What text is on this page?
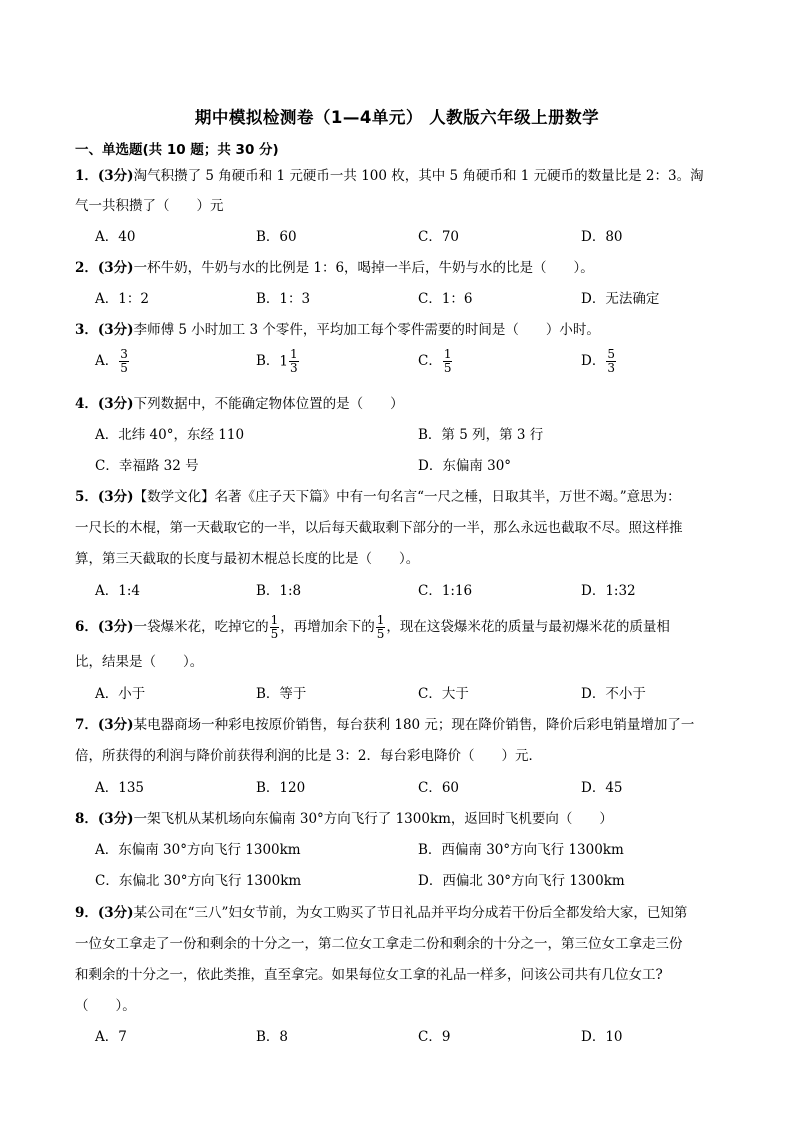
期中模拟检测卷（1—4单元） 人教版六年级上册数学
一、单选题(共 10 题；共 30 分)
1．(3分)淘气积攒了 5 角硬币和 1 元硬币一共 100 枚，其中 5 角硬币和 1 元硬币的数量比是 2：3。淘
气一共积攒了（　　）元
A．40	B．60	C．70	D．80
2．(3分)一杯牛奶，牛奶与水的比例是 1：6，喝掉一半后，牛奶与水的比是（　　）。
A．1：2	B．1：3	C．1：6	D．无法确定
3．(3分)李师傅 5 小时加工 3 个零件，平均加工每个零件需要的时间是（　　）小时。
A． $\frac{3}{5}$	B．$1 \frac{1}{3}$	C． $\frac{1}{5}$	D． $\frac{5}{3}$
4．(3分)下列数据中，不能确定物体位置的是（　　）
A．北纬 40°，东经 110	B．第 5 列，第 3 行
C．幸福路 32 号	D．东偏南 30°
5．(3分)【数学文化】名著《庄子天下篇》中有一句名言“一尺之棰，日取其半，万世不竭。”意思为：
一尺长的木棍，第一天截取它的一半，以后每天截取剩下部分的一半，那么永远也截取不尽。照这样推
算，第三天截取的长度与最初木棍总长度的比是（　　）。
A．1:4	B．1:8	C．1:16	D．1:32
6．(3分)一袋爆米花，吃掉它的 $\frac{1}{5}$ ，再增加余下的 $\frac{1}{5}$ ，现在这袋爆米花的质量与最初爆米花的质量相
比，结果是（　　）。
A．小于	B．等于	C．大于	D．不小于
7．(3分)某电器商场一种彩电按原价销售，每台获利 180 元；现在降价销售，降价后彩电销量增加了一
倍，所获得的利润与降价前获得利润的比是 3：2．每台彩电降价（　　）元．
A．135	B．120	C．60	D．45
8．(3分)一架飞机从某机场向东偏南 30°方向飞行了 1300km，返回时飞机要向（　　）
A．东偏南 30°方向飞行 1300km	B．西偏南 30°方向飞行 1300km
C．东偏北 30°方向飞行 1300km	D．西偏北 30°方向飞行 1300km
9．(3分)某公司在“三八”妇女节前，为女工购买了节日礼品并平均分成若干份后全都发给大家，已知第
一位女工拿走了一份和剩余的十分之一，第二位女工拿走二份和剩余的十分之一，第三位女工拿走三份
和剩余的十分之一，依此类推，直至拿完。如果每位女工拿的礼品一样多，问该公司共有几位女工?
（　　）。
A．7	B．8	C．9	D．10
